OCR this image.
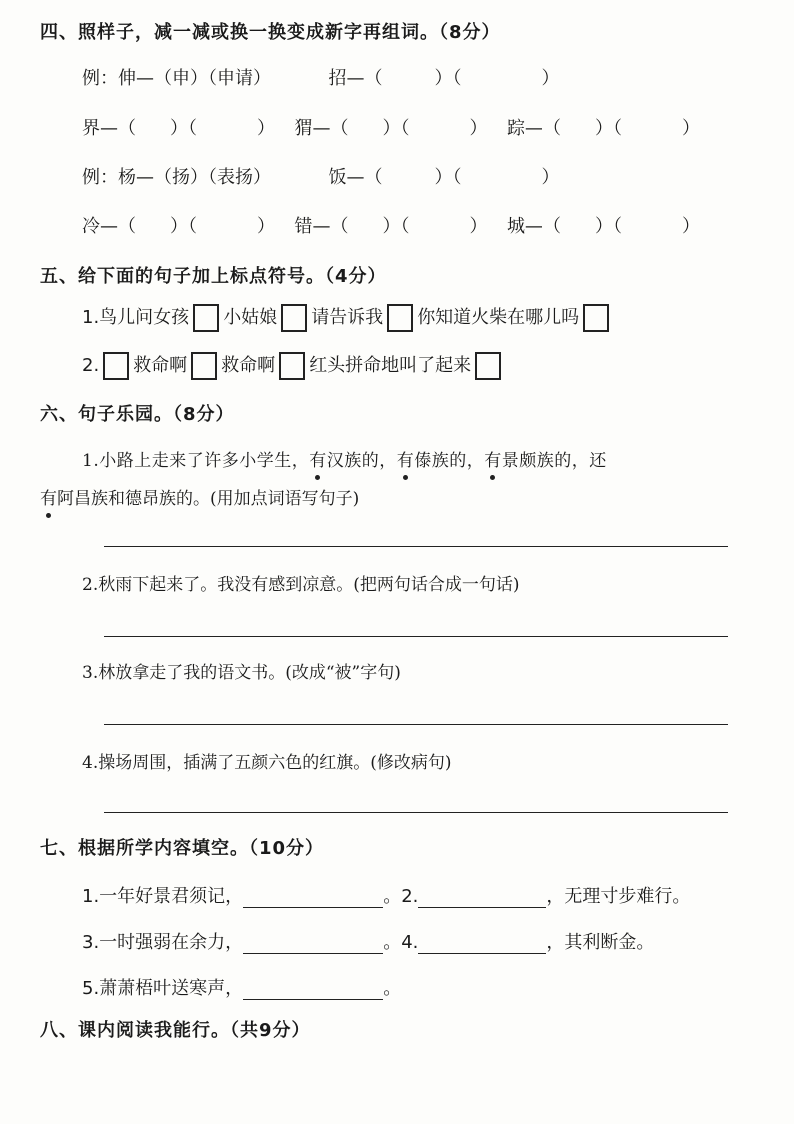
四、照样子，减一减或换一换变成新字再组词。（8分）
例：伸—（申）（申请）	招—（	）（	）
界—（ ）（	） 猬—（ ）（	） 踪—（ ）（	）
例：杨—（扬）（表扬）	饭—（	）（	）
冷—（ ）（	） 错—（ ）（	） 城—（ ）（	）
五、给下面的句子加上标点符号。（4分）
1.鸟儿问女孩 小姑娘 请告诉我 你知道火柴在哪儿吗
2. 救命啊 救命啊 红头拼命地叫了起来
六、句子乐园。（8分）
1.小路上走来了许多小学生，有汉族的，有傣族的，有景颇族的，还
有阿昌族和德昂族的。(用加点词语写句子)
2.秋雨下起来了。我没有感到凉意。(把两句话合成一句话)
3.林放拿走了我的语文书。(改成“被”字句)
4.操场周围，插满了五颜六色的红旗。(修改病句)
七、根据所学内容填空。（10分）
1.一年好景君须记，	。2.	，无理寸步难行。
3.一时强弱在余力，	。4.	，其利断金。
5.萧萧梧叶送寒声，	。
八、课内阅读我能行。（共9分）
